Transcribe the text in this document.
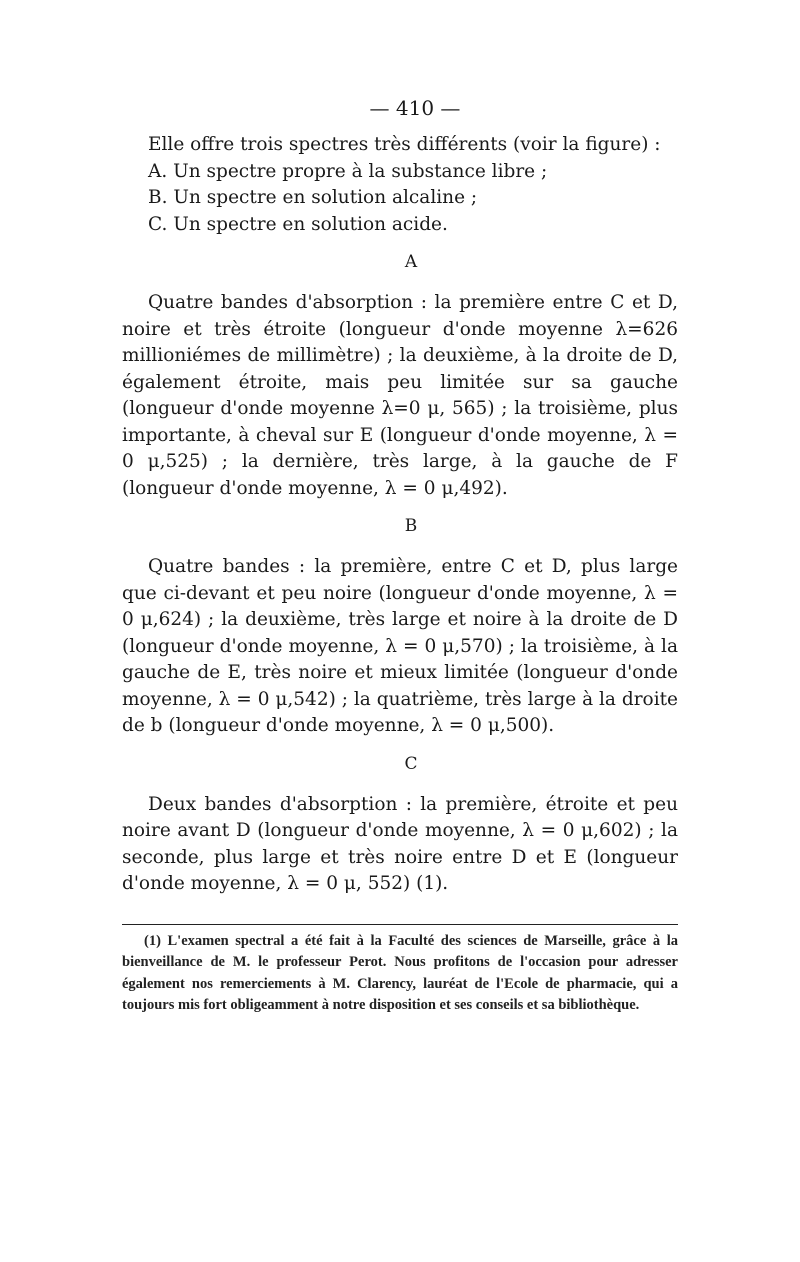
— 410 —

Elle offre trois spectres très différents (voir la figure) :

A. Un spectre propre à la substance libre ;

B. Un spectre en solution alcaline ;

C. Un spectre en solution acide.

A

Quatre bandes d'absorption : la première entre C et D, noire et très étroite (longueur d'onde moyenne λ=626 millioniémes de millimètre) ; la deuxième, à la droite de D, également étroite, mais peu limitée sur sa gauche (longueur d'onde moyenne λ=0 μ, 565) ; la troisième, plus importante, à cheval sur E (longueur d'onde moyenne, λ = 0 μ,525) ; la dernière, très large, à la gauche de F (longueur d'onde moyenne, λ = 0 μ,492).

B

Quatre bandes : la première, entre C et D, plus large que ci-devant et peu noire (longueur d'onde moyenne, λ = 0 μ,624) ; la deuxième, très large et noire à la droite de D (longueur d'onde moyenne, λ = 0 μ,570) ; la troisième, à la gauche de E, très noire et mieux limitée (longueur d'onde moyenne, λ = 0 μ,542) ; la quatrième, très large à la droite de b (longueur d'onde moyenne, λ = 0 μ,500).

C

Deux bandes d'absorption : la première, étroite et peu noire avant D (longueur d'onde moyenne, λ = 0 μ,602) ; la seconde, plus large et très noire entre D et E (longueur d'onde moyenne, λ = 0 μ, 552) (1).

(1) L'examen spectral a été fait à la Faculté des sciences de Marseille, grâce à la bienveillance de M. le professeur Perot. Nous profitons de l'occasion pour adresser également nos remerciements à M. Clarency, lauréat de l'Ecole de pharmacie, qui a toujours mis fort obligeamment à notre disposition et ses conseils et sa bibliothèque.
